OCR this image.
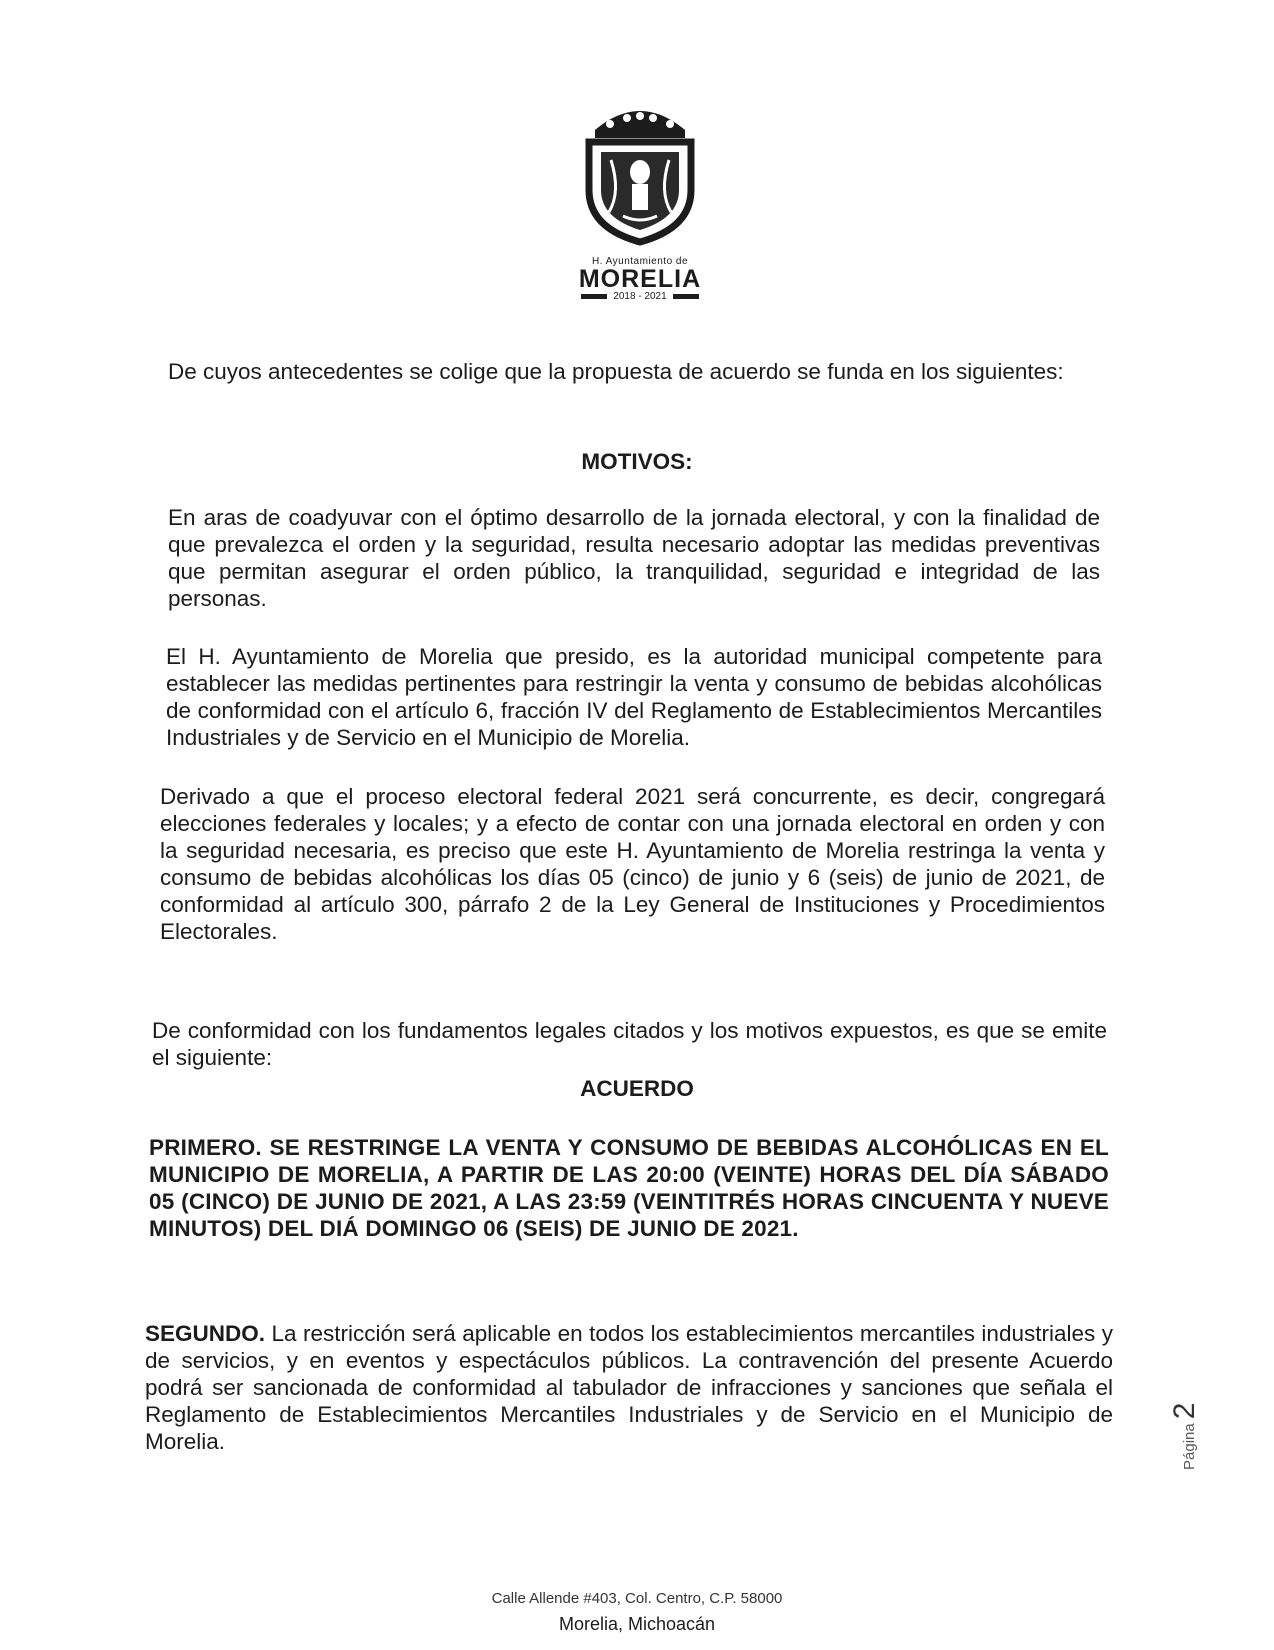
H. Ayuntamiento de
MORELIA
2018 - 2021
De cuyos antecedentes se colige que la propuesta de acuerdo se funda en los siguientes:
MOTIVOS:
En aras de coadyuvar con el óptimo desarrollo de la jornada electoral, y con la finalidad de que prevalezca el orden y la seguridad, resulta necesario adoptar las medidas preventivas que permitan asegurar el orden público, la tranquilidad, seguridad e integridad de las personas.
El H. Ayuntamiento de Morelia que presido, es la autoridad municipal competente para establecer las medidas pertinentes para restringir la venta y consumo de bebidas alcohólicas de conformidad con el artículo 6, fracción IV del Reglamento de Establecimientos Mercantiles Industriales y de Servicio en el Municipio de Morelia.
Derivado a que el proceso electoral federal 2021 será concurrente, es decir, congregará elecciones federales y locales; y a efecto de contar con una jornada electoral en orden y con la seguridad necesaria, es preciso que este H. Ayuntamiento de Morelia restringa la venta y consumo de bebidas alcohólicas los días 05 (cinco) de junio y 6 (seis) de junio de 2021, de conformidad al artículo 300, párrafo 2 de la Ley General de Instituciones y Procedimientos Electorales.
De conformidad con los fundamentos legales citados y los motivos expuestos, es que se emite el siguiente:
ACUERDO
PRIMERO. SE RESTRINGE LA VENTA Y CONSUMO DE BEBIDAS ALCOHÓLICAS EN EL MUNICIPIO DE MORELIA, A PARTIR DE LAS 20:00 (VEINTE) HORAS DEL DÍA SÁBADO 05 (CINCO) DE JUNIO DE 2021, A LAS 23:59 (VEINTITRÉS HORAS CINCUENTA Y NUEVE MINUTOS) DEL DIÁ DOMINGO 06 (SEIS) DE JUNIO DE 2021.
SEGUNDO. La restricción será aplicable en todos los establecimientos mercantiles industriales y de servicios, y en eventos y espectáculos públicos. La contravención del presente Acuerdo podrá ser sancionada de conformidad al tabulador de infracciones y sanciones que señala el Reglamento de Establecimientos Mercantiles Industriales y de Servicio en el Municipio de Morelia.	Página
2
Calle Allende #403, Col. Centro, C.P. 58000
Morelia, Michoacán
